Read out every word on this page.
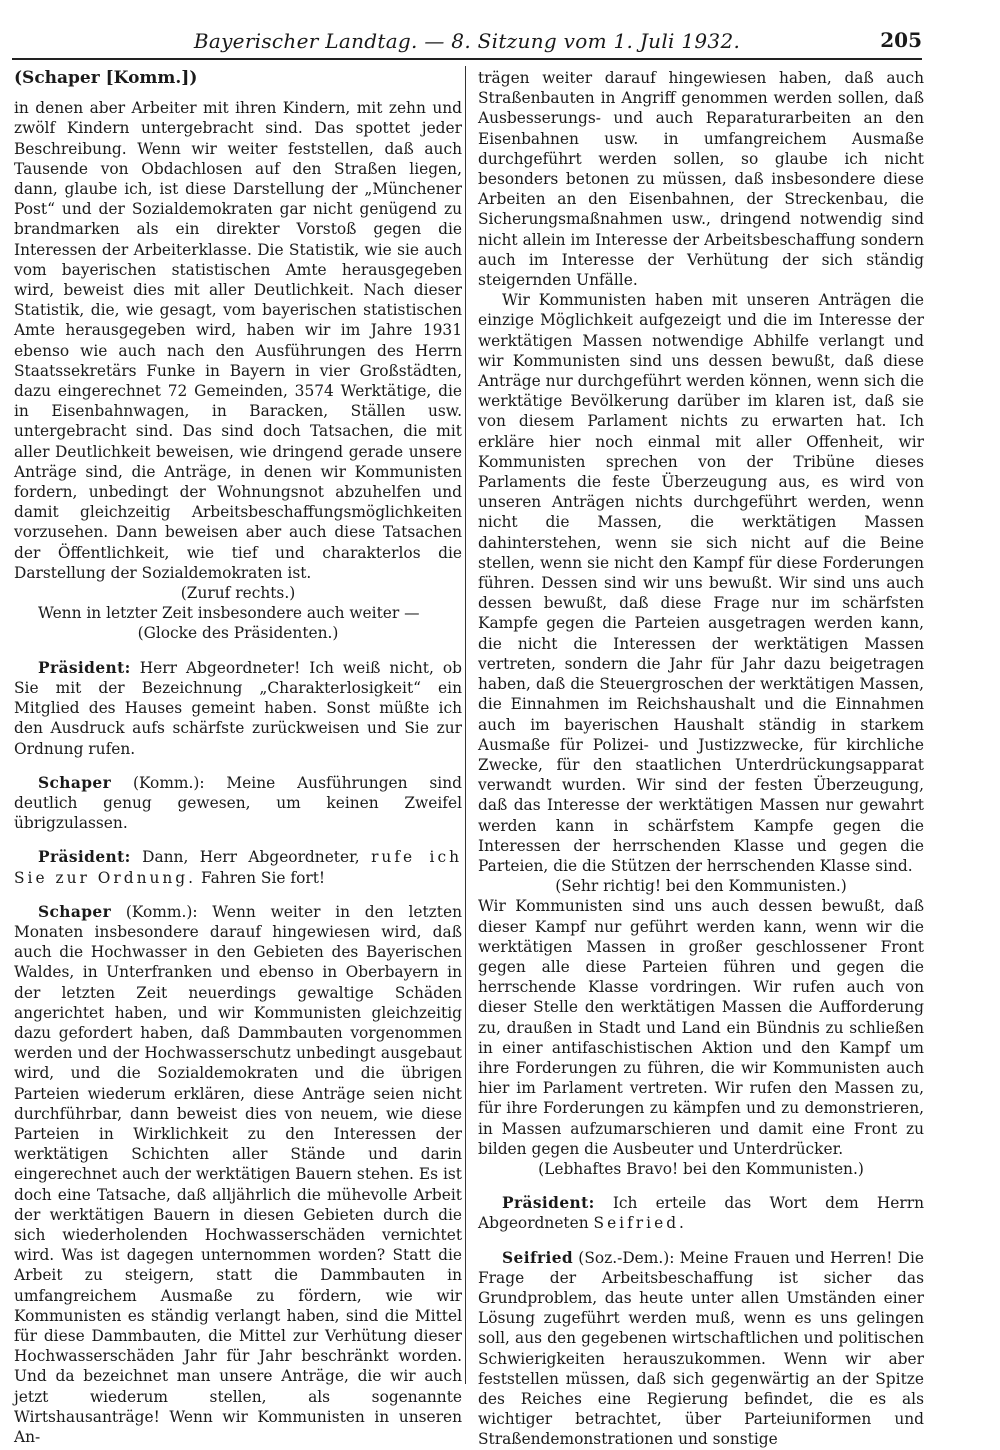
Bayerischer Landtag. — 8. Sitzung vom 1. Juli 1932.	205
(Schaper [Komm.])

in denen aber Arbeiter mit ihren Kindern, mit zehn und zwölf Kindern untergebracht sind. Das spottet jeder Beschreibung. Wenn wir weiter feststellen, daß auch Tausende von Obdachlosen auf den Straßen liegen, dann, glaube ich, ist diese Darstellung der „Münchener Post“ und der Sozialdemokraten gar nicht genügend zu brandmarken als ein direkter Vorstoß gegen die Interessen der Arbeiterklasse. Die Statistik, wie sie auch vom bayerischen statistischen Amte herausgegeben wird, beweist dies mit aller Deutlichkeit. Nach dieser Statistik, die, wie gesagt, vom bayerischen statistischen Amte herausgegeben wird, haben wir im Jahre 1931 ebenso wie auch nach den Ausführungen des Herrn Staatssekretärs Funke in Bayern in vier Großstädten, dazu eingerechnet 72 Gemeinden, 3574 Werktätige, die in Eisenbahnwagen, in Baracken, Ställen usw. untergebracht sind. Das sind doch Tatsachen, die mit aller Deutlichkeit beweisen, wie dringend gerade unsere Anträge sind, die Anträge, in denen wir Kommunisten fordern, unbedingt der Wohnungsnot abzuhelfen und damit gleichzeitig Arbeitsbeschaffungsmöglichkeiten vorzusehen. Dann beweisen aber auch diese Tatsachen der Öffentlichkeit, wie tief und charakterlos die Darstellung der Sozialdemokraten ist.

(Zuruf rechts.)

Wenn in letzter Zeit insbesondere auch weiter —

(Glocke des Präsidenten.)

Präsident: Herr Abgeordneter! Ich weiß nicht, ob Sie mit der Bezeichnung „Charakterlosigkeit“ ein Mitglied des Hauses gemeint haben. Sonst müßte ich den Ausdruck aufs schärfste zurückweisen und Sie zur Ordnung rufen.

Schaper (Komm.): Meine Ausführungen sind deutlich genug gewesen, um keinen Zweifel übrigzulassen.

Präsident: Dann, Herr Abgeordneter, rufe ich Sie zur Ordnung. Fahren Sie fort!

Schaper (Komm.): Wenn weiter in den letzten Monaten insbesondere darauf hingewiesen wird, daß auch die Hochwasser in den Gebieten des Bayerischen Waldes, in Unterfranken und ebenso in Oberbayern in der letzten Zeit neuerdings gewaltige Schäden angerichtet haben, und wir Kommunisten gleichzeitig dazu gefordert haben, daß Dammbauten vorgenommen werden und der Hochwasserschutz unbedingt ausgebaut wird, und die Sozialdemokraten und die übrigen Parteien wiederum erklären, diese Anträge seien nicht durchführbar, dann beweist dies von neuem, wie diese Parteien in Wirklichkeit zu den Interessen der werktätigen Schichten aller Stände und darin eingerechnet auch der werktätigen Bauern stehen. Es ist doch eine Tatsache, daß alljährlich die mühevolle Arbeit der werktätigen Bauern in diesen Gebieten durch die sich wiederholenden Hochwasserschäden vernichtet wird. Was ist dagegen unternommen worden? Statt die Arbeit zu steigern, statt die Dammbauten in umfangreichem Ausmaße zu fördern, wie wir Kommunisten es ständig verlangt haben, sind die Mittel für diese Dammbauten, die Mittel zur Verhütung dieser Hochwasserschäden Jahr für Jahr beschränkt worden. Und da bezeichnet man unsere Anträge, die wir auch jetzt wiederum stellen, als sogenannte Wirtshausanträge! Wenn wir Kommunisten in unseren An-

trägen weiter darauf hingewiesen haben, daß auch Straßenbauten in Angriff genommen werden sollen, daß Ausbesserungs- und auch Reparaturarbeiten an den Eisenbahnen usw. in umfangreichem Ausmaße durchgeführt werden sollen, so glaube ich nicht besonders betonen zu müssen, daß insbesondere diese Arbeiten an den Eisenbahnen, der Streckenbau, die Sicherungsmaßnahmen usw., dringend notwendig sind nicht allein im Interesse der Arbeitsbeschaffung sondern auch im Interesse der Verhütung der sich ständig steigernden Unfälle.

Wir Kommunisten haben mit unseren Anträgen die einzige Möglichkeit aufgezeigt und die im Interesse der werktätigen Massen notwendige Abhilfe verlangt und wir Kommunisten sind uns dessen bewußt, daß diese Anträge nur durchgeführt werden können, wenn sich die werktätige Bevölkerung darüber im klaren ist, daß sie von diesem Parlament nichts zu erwarten hat. Ich erkläre hier noch einmal mit aller Offenheit, wir Kommunisten sprechen von der Tribüne dieses Parlaments die feste Überzeugung aus, es wird von unseren Anträgen nichts durchgeführt werden, wenn nicht die Massen, die werktätigen Massen dahinterstehen, wenn sie sich nicht auf die Beine stellen, wenn sie nicht den Kampf für diese Forderungen führen. Dessen sind wir uns bewußt. Wir sind uns auch dessen bewußt, daß diese Frage nur im schärfsten Kampfe gegen die Parteien ausgetragen werden kann, die nicht die Interessen der werktätigen Massen vertreten, sondern die Jahr für Jahr dazu beigetragen haben, daß die Steuergroschen der werktätigen Massen, die Einnahmen im Reichshaushalt und die Einnahmen auch im bayerischen Haushalt ständig in starkem Ausmaße für Polizei- und Justizzwecke, für kirchliche Zwecke, für den staatlichen Unterdrückungsapparat verwandt wurden. Wir sind der festen Überzeugung, daß das Interesse der werktätigen Massen nur gewahrt werden kann in schärfstem Kampfe gegen die Interessen der herrschenden Klasse und gegen die Parteien, die die Stützen der herrschenden Klasse sind.

(Sehr richtig! bei den Kommunisten.)

Wir Kommunisten sind uns auch dessen bewußt, daß dieser Kampf nur geführt werden kann, wenn wir die werktätigen Massen in großer geschlossener Front gegen alle diese Parteien führen und gegen die herrschende Klasse vordringen. Wir rufen auch von dieser Stelle den werktätigen Massen die Aufforderung zu, draußen in Stadt und Land ein Bündnis zu schließen in einer antifaschistischen Aktion und den Kampf um ihre Forderungen zu führen, die wir Kommunisten auch hier im Parlament vertreten. Wir rufen den Massen zu, für ihre Forderungen zu kämpfen und zu demonstrieren, in Massen aufzumarschieren und damit eine Front zu bilden gegen die Ausbeuter und Unterdrücker.

(Lebhaftes Bravo! bei den Kommunisten.)

Präsident: Ich erteile das Wort dem Herrn Abgeordneten Seifried.

Seifried (Soz.-Dem.): Meine Frauen und Herren! Die Frage der Arbeitsbeschaffung ist sicher das Grundproblem, das heute unter allen Umständen einer Lösung zugeführt werden muß, wenn es uns gelingen soll, aus den gegebenen wirtschaftlichen und politischen Schwierigkeiten herauszukommen. Wenn wir aber feststellen müssen, daß sich gegenwärtig an der Spitze des Reiches eine Regierung befindet, die es als wichtiger betrachtet, über Parteiuniformen und Straßendemonstrationen und sonstige
